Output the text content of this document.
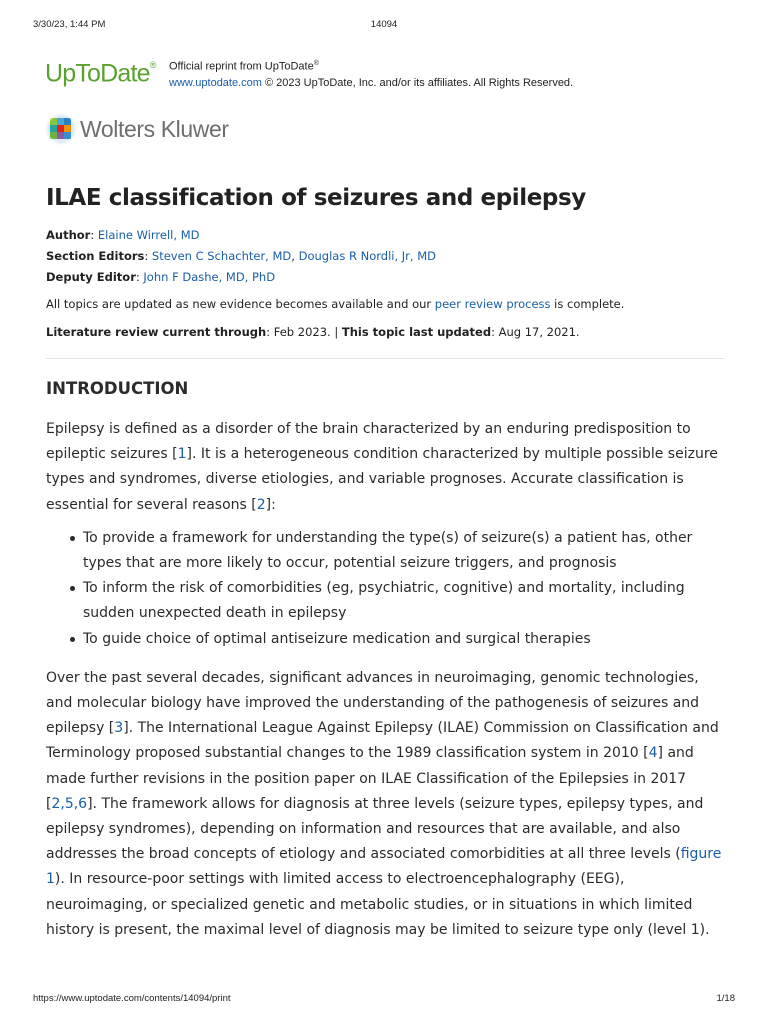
3/30/23, 1:44 PM	14094
UpToDate® Official reprint from UpToDate®
www.uptodate.com © 2023 UpToDate, Inc. and/or its affiliates. All Rights Reserved.
Wolters Kluwer
ILAE classification of seizures and epilepsy
Author: Elaine Wirrell, MD
Section Editors: Steven C Schachter, MD, Douglas R Nordli, Jr, MD
Deputy Editor: John F Dashe, MD, PhD
All topics are updated as new evidence becomes available and our peer review process is complete.
Literature review current through: Feb 2023. | This topic last updated: Aug 17, 2021.
INTRODUCTION

Epilepsy is defined as a disorder of the brain characterized by an enduring predisposition to epileptic seizures [1]. It is a heterogeneous condition characterized by multiple possible seizure types and syndromes, diverse etiologies, and variable prognoses. Accurate classification is essential for several reasons [2]:

To provide a framework for understanding the type(s) of seizure(s) a patient has, other types that are more likely to occur, potential seizure triggers, and prognosis
To inform the risk of comorbidities (eg, psychiatric, cognitive) and mortality, including sudden unexpected death in epilepsy
To guide choice of optimal antiseizure medication and surgical therapies

Over the past several decades, significant advances in neuroimaging, genomic technologies, and molecular biology have improved the understanding of the pathogenesis of seizures and epilepsy [3]. The International League Against Epilepsy (ILAE) Commission on Classification and Terminology proposed substantial changes to the 1989 classification system in 2010 [4] and made further revisions in the position paper on ILAE Classification of the Epilepsies in 2017 [2,5,6]. The framework allows for diagnosis at three levels (seizure types, epilepsy types, and epilepsy syndromes), depending on information and resources that are available, and also addresses the broad concepts of etiology and associated comorbidities at all three levels (figure 1). In resource-poor settings with limited access to electroencephalography (EEG), neuroimaging, or specialized genetic and metabolic studies, or in situations in which limited history is present, the maximal level of diagnosis may be limited to seizure type only (level 1).

https://www.uptodate.com/contents/14094/print	1/18
